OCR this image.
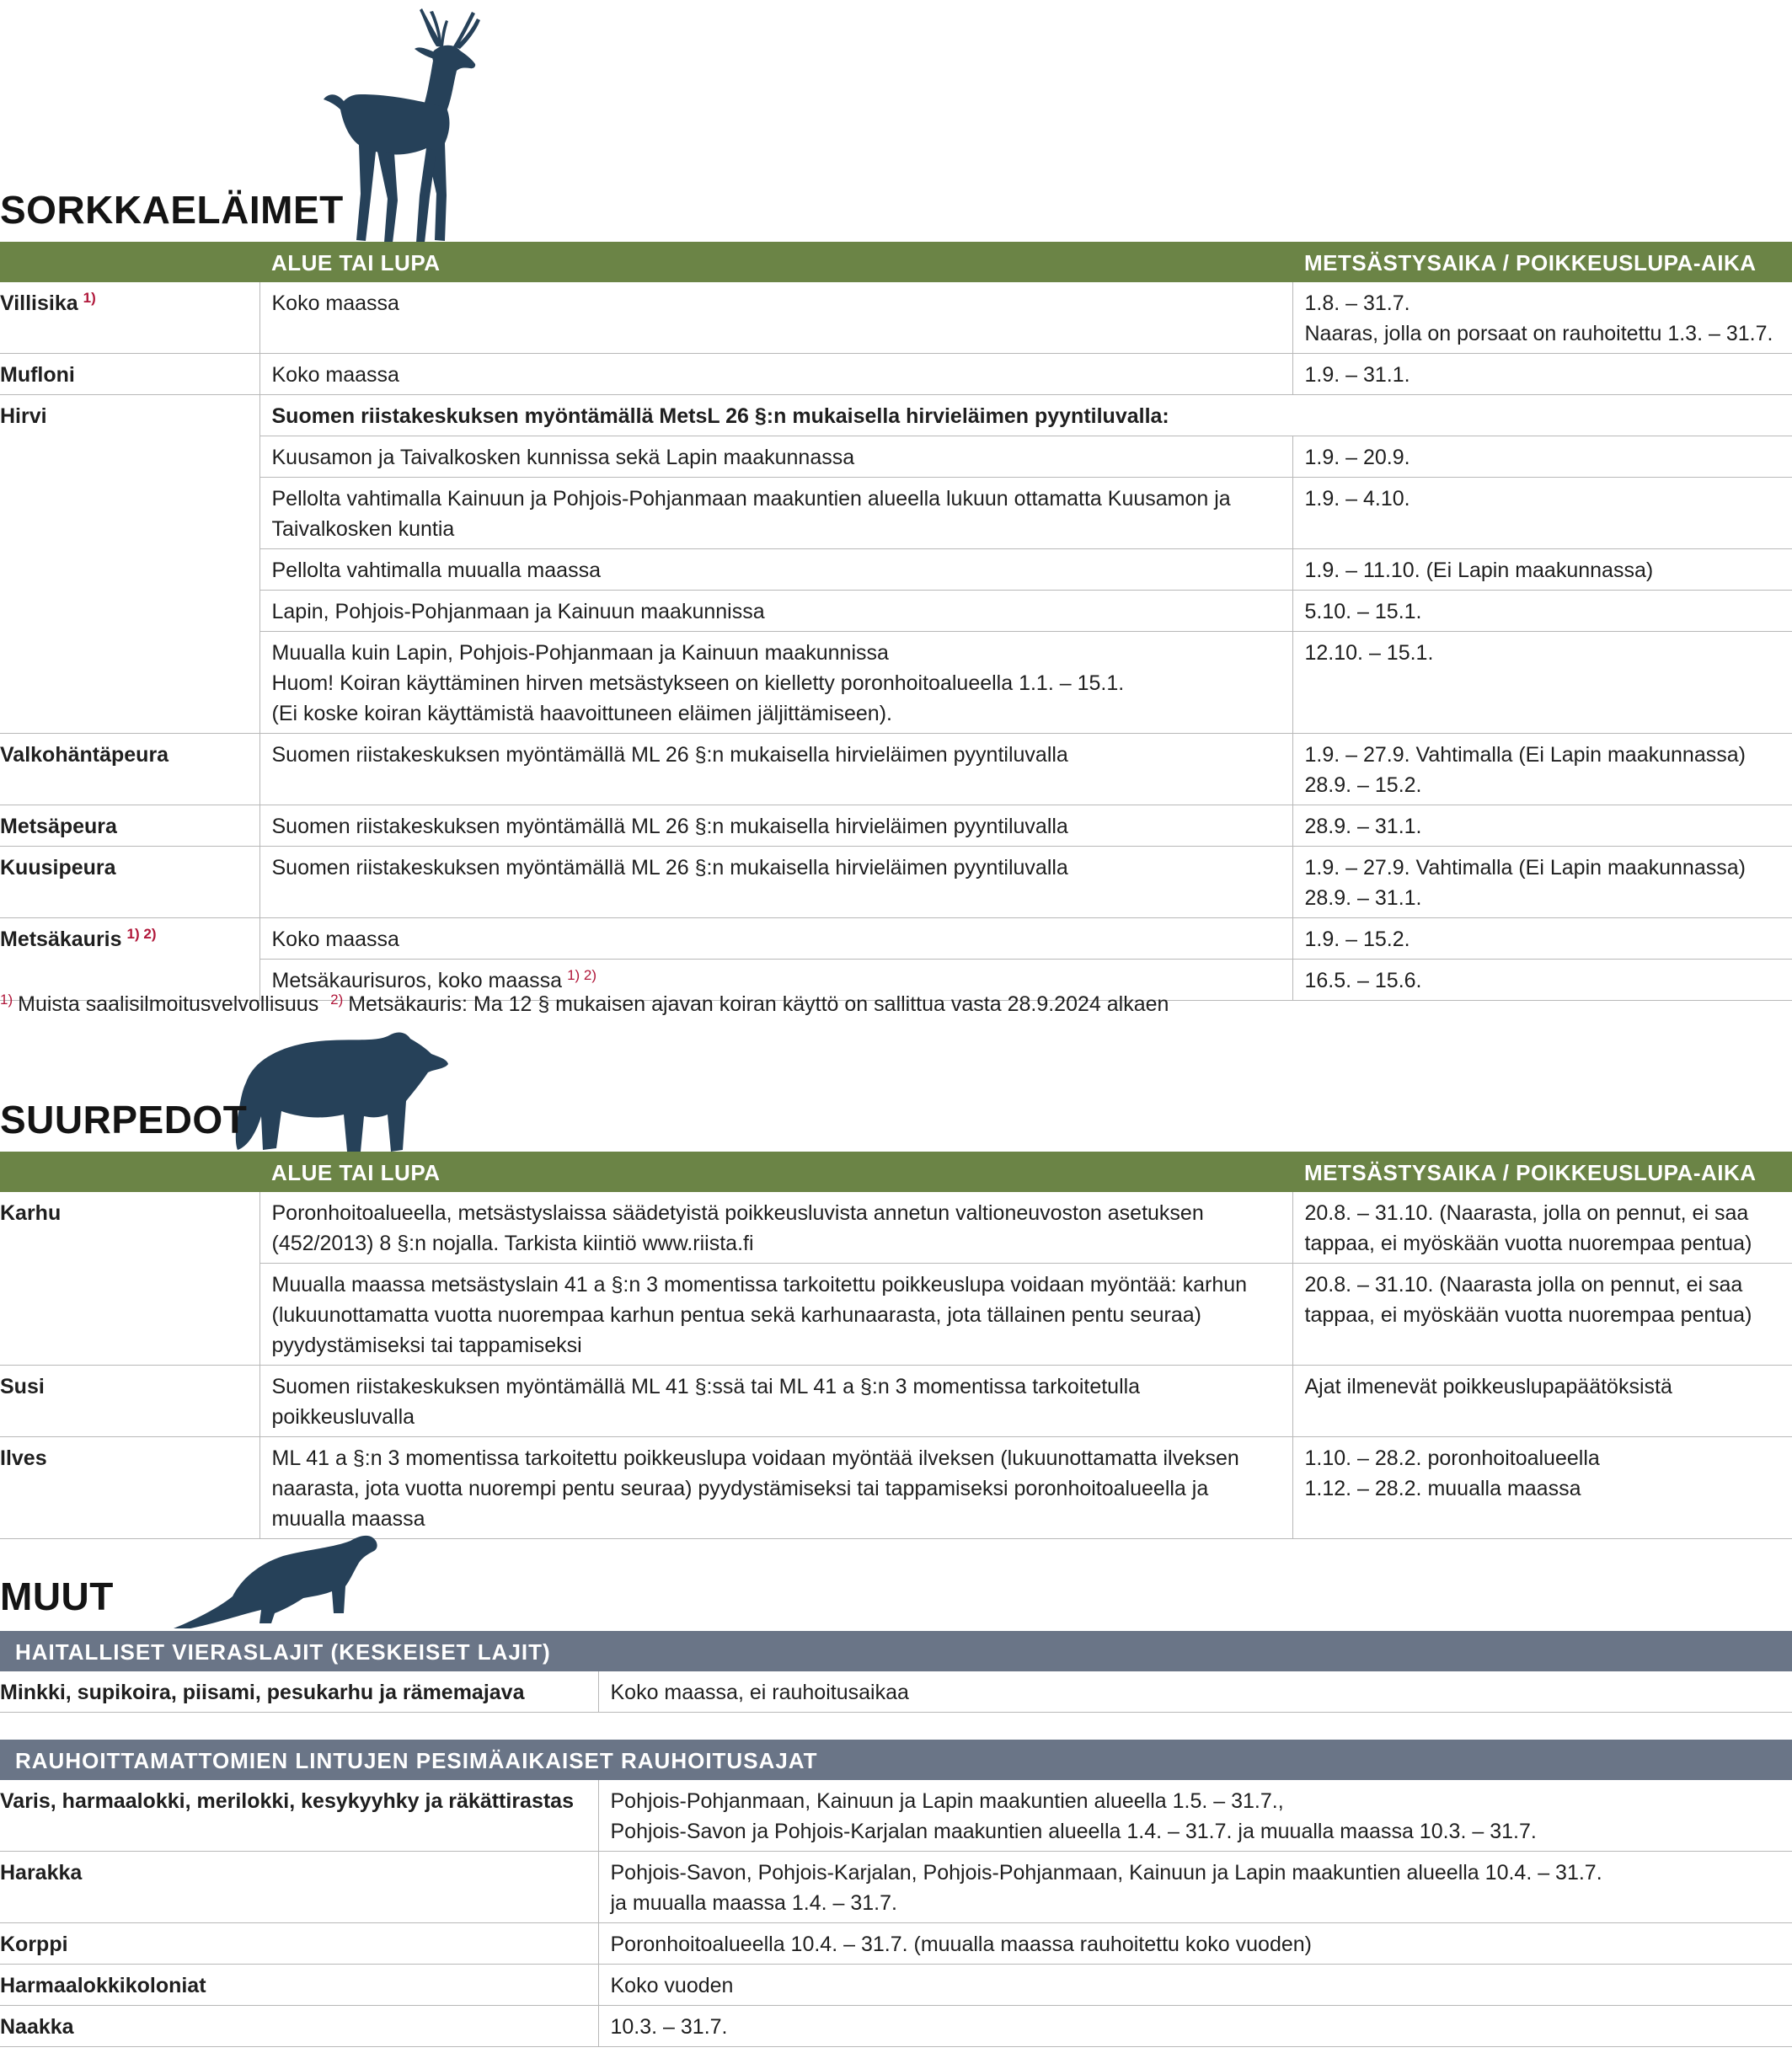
SORKKAELÄIMET
	ALUE TAI LUPA	METSÄSTYSAIKA / POIKKEUSLUPA-AIKA
Villisika $^{1)}$	Koko maassa	1.8. – 31.7.
Naaras, jolla on porsaat on rauhoitettu 1.3. – 31.7.

Mufloni	Koko maassa	1.9. – 31.1.
Hirvi	Suomen riistakeskuksen myöntämällä MetsL 26 §:n mukaisella hirvieläimen pyyntiluvalla:	
	Kuusamon ja Taivalkosken kunnissa sekä Lapin maakunnassa	1.9. – 20.9.
	Pellolta vahtimalla Kainuun ja Pohjois-Pohjanmaan maakuntien alueella lukuun ottamatta Kuusamon ja Taivalkosken kuntia	1.9. – 4.10.
	Pellolta vahtimalla muualla maassa	1.9. – 11.10. (Ei Lapin maakunnassa)
	Lapin, Pohjois-Pohjanmaan ja Kainuun maakunnissa	5.10. – 15.1.

	Muualla kuin Lapin, Pohjois-Pohjanmaan ja Kainuun maakunnissa
Huom! Koiran käyttäminen hirven metsästykseen on kielletty poronhoitoalueella 1.1. – 15.1.
(Ei koske koiran käyttämistä haavoittuneen eläimen jäljittämiseen).	12.10. – 15.1.
Valkohäntäpeura	Suomen riistakeskuksen myöntämällä ML 26 §:n mukaisella hirvieläimen pyyntiluvalla	1.9. – 27.9. Vahtimalla (Ei Lapin maakunnassa)
28.9. – 15.2.

Metsäpeura	Suomen riistakeskuksen myöntämällä ML 26 §:n mukaisella hirvieläimen pyyntiluvalla	28.9. – 31.1.
Kuusipeura	Suomen riistakeskuksen myöntämällä ML 26 §:n mukaisella hirvieläimen pyyntiluvalla	1.9. – 27.9. Vahtimalla (Ei Lapin maakunnassa)
28.9. – 31.1.

Metsäkauris $^{1) 2)}$	Koko maassa	1.9. – 15.2.
	Metsäkaurisuros, koko maassa $^{1) 2)}$	16.5. – 15.6.
$^{1)}$ Muista saalisilmoitusvelvollisuus $^{2)}$ Metsäkauris: Ma 12 § mukaisen ajavan koiran käyttö on sallittua vasta 28.9.2024 alkaen
SUURPEDOT
	ALUE TAI LUPA	METSÄSTYSAIKA / POIKKEUSLUPA-AIKA
Karhu	Poronhoitoalueella, metsästyslaissa säädetyistä poikkeusluvista annetun valtioneuvoston asetuksen (452/2013) 8 §:n nojalla. Tarkista kiintiö www.riista.fi	20.8. – 31.10. (Naarasta, jolla on pennut, ei saa tappaa, ei myöskään vuotta nuorempaa pentua)
	Muualla maassa metsästyslain 41 a §:n 3 momentissa tarkoitettu poikkeuslupa voidaan myöntää: karhun (lukuunottamatta vuotta nuorempaa karhun pentua sekä karhunaarasta, jota tällainen pentu seuraa) pyydystämiseksi tai tappamiseksi	20.8. – 31.10. (Naarasta jolla on pennut, ei saa tappaa, ei myöskään vuotta nuorempaa pentua)
Susi	Suomen riistakeskuksen myöntämällä ML 41 §:ssä tai ML 41 a §:n 3 momentissa tarkoitetulla poikkeusluvalla	Ajat ilmenevät poikkeuslupapäätöksistä
Ilves	ML 41 a §:n 3 momentissa tarkoitettu poikkeuslupa voidaan myöntää ilveksen (lukuunottamatta ilveksen naarasta, jota vuotta nuorempi pentu seuraa) pyydystämiseksi tai tappamiseksi poronhoitoalueella ja muualla maassa	1.10. – 28.2. poronhoitoalueella
1.12. – 28.2. muualla maassa
MUUT
HAITALLISET VIERASLAJIT (KESKEISET LAJIT)
Minkki, supikoira, piisami, pesukarhu ja rämemajava	Koko maassa, ei rauhoitusaikaa
RAUHOITTAMATTOMIEN LINTUJEN PESIMÄAIKAISET RAUHOITUSAJAT	
Varis, harmaalokki, merilokki, kesykyyhky ja räkättirastas	Pohjois-Pohjanmaan, Kainuun ja Lapin maakuntien alueella 1.5. – 31.7.,
Pohjois-Savon ja Pohjois-Karjalan maakuntien alueella 1.4. – 31.7. ja muualla maassa 10.3. – 31.7.

Harakka	Pohjois-Savon, Pohjois-Karjalan, Pohjois-Pohjanmaan, Kainuun ja Lapin maakuntien alueella 10.4. – 31.7.
ja muualla maassa 1.4. – 31.7.

Korppi	Poronhoitoalueella 10.4. – 31.7. (muualla maassa rauhoitettu koko vuoden)
Harmaalokkikoloniat	Koko vuoden
Naakka	10.3. – 31.7.
